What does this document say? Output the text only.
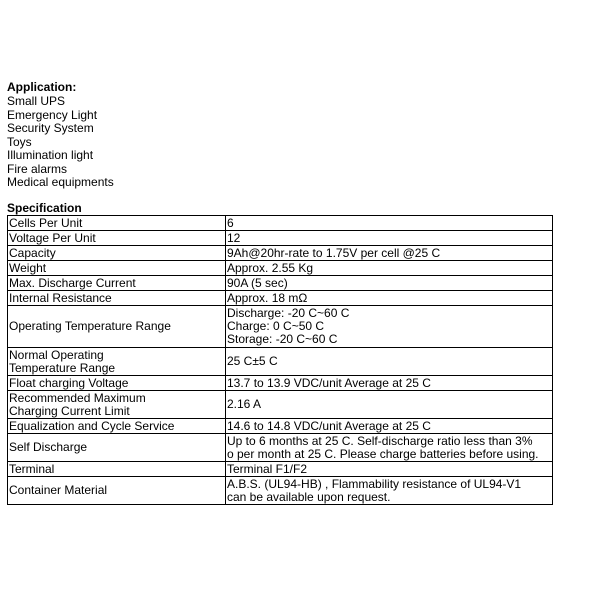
Application:
Small UPS
Emergency Light
Security System
Toys
Illumination light
Fire alarms
Medical equipments
Specification
Cells Per Unit	6

Voltage Per Unit	12

Capacity	9Ah@20hr-rate to 1.75V per cell @25 C

Weight	Approx. 2.55 Kg

Max. Discharge Current	90A (5 sec)

Internal Resistance	Approx. 18 mΩ

Operating Temperature Range	Discharge: -20 C~60 C
Charge: 0 C~50 C
Storage: -20 C~60 C

Normal Operating
Temperature Range	25 C±5 C

Float charging Voltage	13.7 to 13.9 VDC/unit Average at 25 C

Recommended Maximum
Charging Current Limit	2.16 A

Equalization and Cycle Service	14.6 to 14.8 VDC/unit Average at 25 C

Self Discharge	Up to 6 months at 25 C. Self-discharge ratio less than 3%
o per month at 25 C. Please charge batteries before using.

Terminal	Terminal F1/F2

Container Material	A.B.S. (UL94-HB) , Flammability resistance of UL94-V1
can be available upon request.
